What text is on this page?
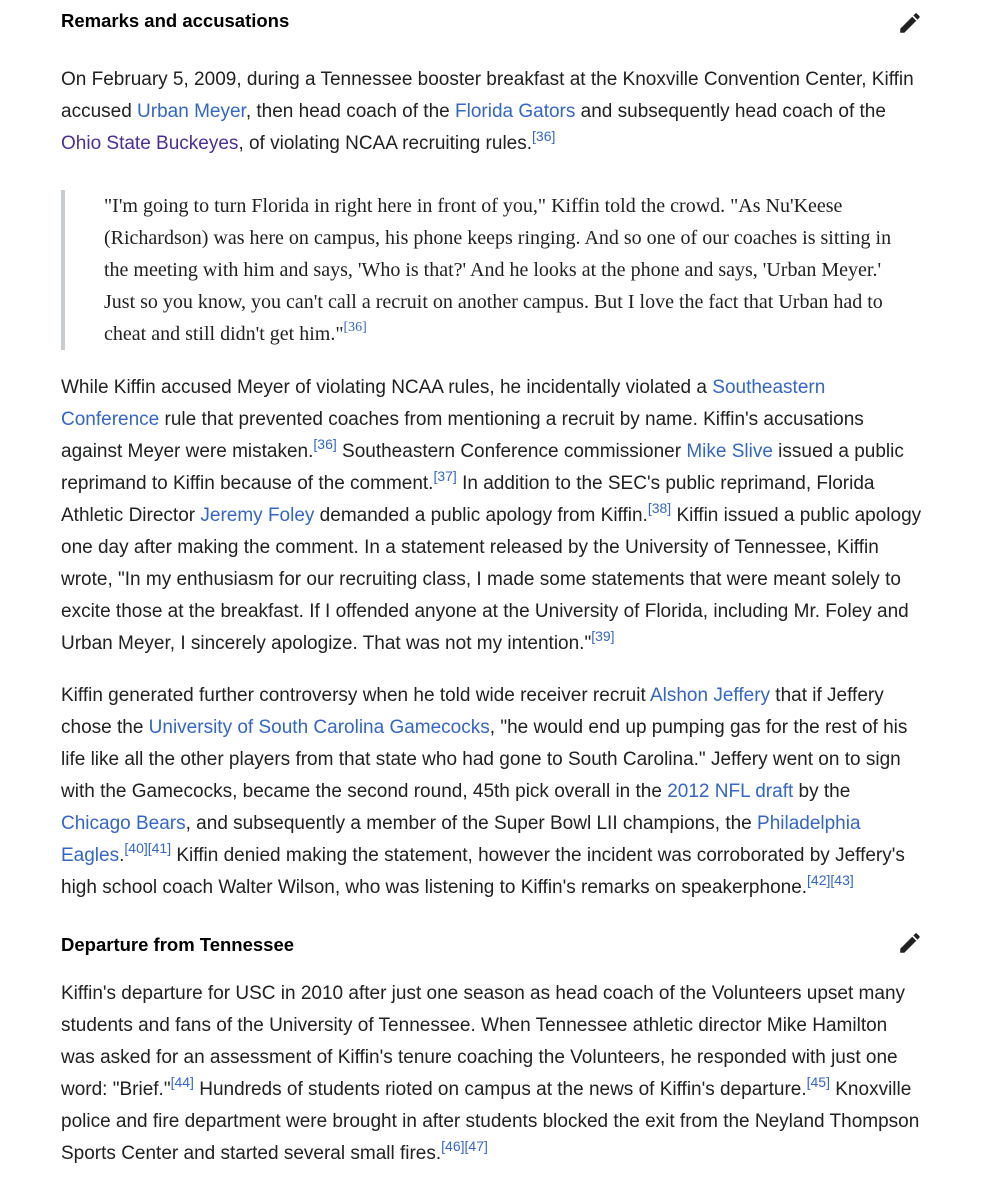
Remarks and accusations

On February 5, 2009, during a Tennessee booster breakfast at the Knoxville Convention Center, Kiffin accused Urban Meyer, then head coach of the Florida Gators and subsequently head coach of the Ohio State Buckeyes, of violating NCAA recruiting rules.[36]

"I'm going to turn Florida in right here in front of you," Kiffin told the crowd. "As Nu'Keese (Richardson) was here on campus, his phone keeps ringing. And so one of our coaches is sitting in the meeting with him and says, 'Who is that?' And he looks at the phone and says, 'Urban Meyer.' Just so you know, you can't call a recruit on another campus. But I love the fact that Urban had to cheat and still didn't get him."[36]

While Kiffin accused Meyer of violating NCAA rules, he incidentally violated a Southeastern Conference rule that prevented coaches from mentioning a recruit by name. Kiffin's accusations against Meyer were mistaken.[36] Southeastern Conference commissioner Mike Slive issued a public reprimand to Kiffin because of the comment.[37] In addition to the SEC's public reprimand, Florida Athletic Director Jeremy Foley demanded a public apology from Kiffin.[38] Kiffin issued a public apology one day after making the comment. In a statement released by the University of Tennessee, Kiffin wrote, "In my enthusiasm for our recruiting class, I made some statements that were meant solely to excite those at the breakfast. If I offended anyone at the University of Florida, including Mr. Foley and Urban Meyer, I sincerely apologize. That was not my intention."[39]

Kiffin generated further controversy when he told wide receiver recruit Alshon Jeffery that if Jeffery chose the University of South Carolina Gamecocks, "he would end up pumping gas for the rest of his life like all the other players from that state who had gone to South Carolina." Jeffery went on to sign with the Gamecocks, became the second round, 45th pick overall in the 2012 NFL draft by the Chicago Bears, and subsequently a member of the Super Bowl LII champions, the Philadelphia Eagles.[40][41] Kiffin denied making the statement, however the incident was corroborated by Jeffery's high school coach Walter Wilson, who was listening to Kiffin's remarks on speakerphone.[42][43]

Departure from Tennessee

Kiffin's departure for USC in 2010 after just one season as head coach of the Volunteers upset many students and fans of the University of Tennessee. When Tennessee athletic director Mike Hamilton was asked for an assessment of Kiffin's tenure coaching the Volunteers, he responded with just one word: "Brief."[44] Hundreds of students rioted on campus at the news of Kiffin's departure.[45] Knoxville police and fire department were brought in after students blocked the exit from the Neyland Thompson Sports Center and started several small fires.[46][47]
